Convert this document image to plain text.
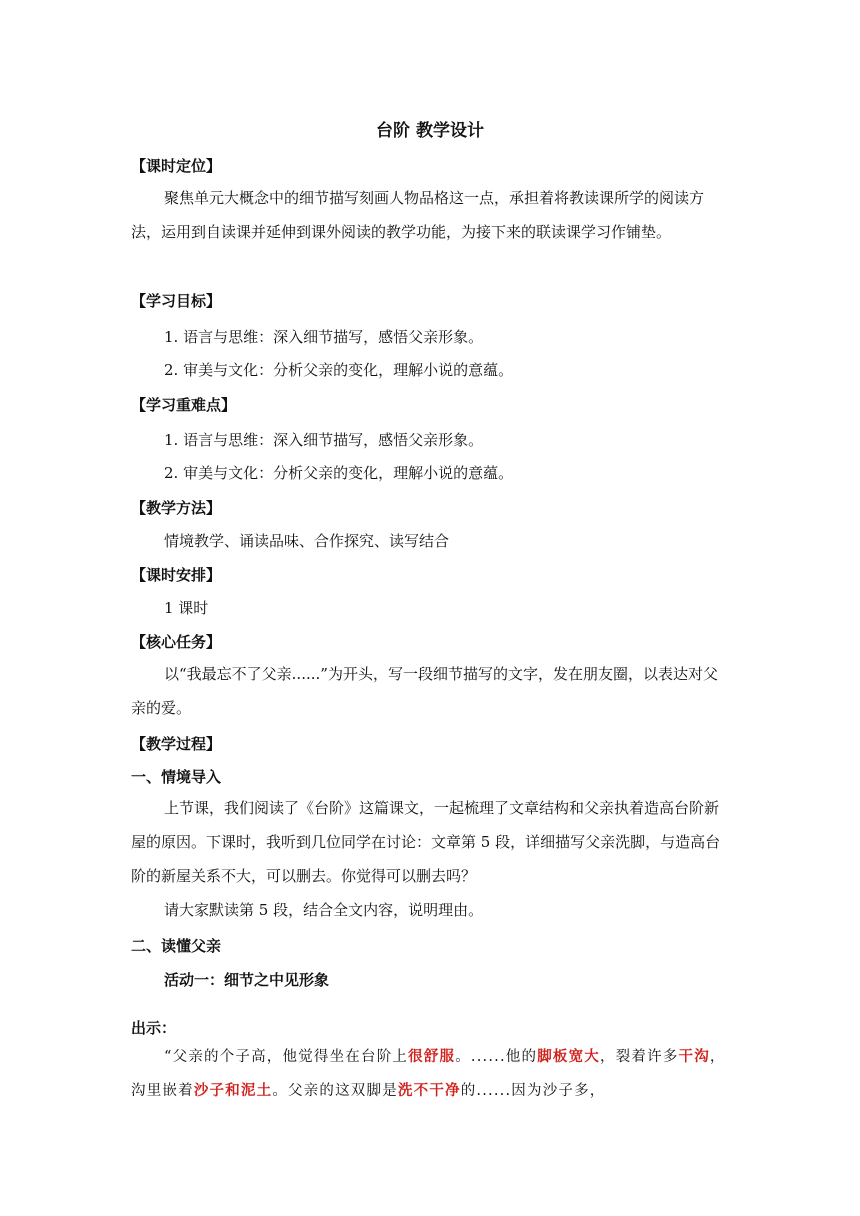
台阶 教学设计
【课时定位】
聚焦单元大概念中的细节描写刻画人物品格这一点，承担着将教读课所学的阅读方法，运用到自读课并延伸到课外阅读的教学功能，为接下来的联读课学习作铺垫。
【学习目标】
1. 语言与思维：深入细节描写，感悟父亲形象。
2. 审美与文化：分析父亲的变化，理解小说的意蕴。
【学习重难点】
1. 语言与思维：深入细节描写，感悟父亲形象。
2. 审美与文化：分析父亲的变化，理解小说的意蕴。
【教学方法】
情境教学、诵读品味、合作探究、读写结合
【课时安排】
1 课时
【核心任务】
以“我最忘不了父亲......”为开头，写一段细节描写的文字，发在朋友圈，以表达对父亲的爱。
【教学过程】
一、情境导入
上节课，我们阅读了《台阶》这篇课文，一起梳理了文章结构和父亲执着造高台阶新屋的原因。下课时，我听到几位同学在讨论：文章第 5 段，详细描写父亲洗脚，与造高台阶的新屋关系不大，可以删去。你觉得可以删去吗？
请大家默读第 5 段，结合全文内容，说明理由。
二、读懂父亲
活动一：细节之中见形象
出示：
“父亲的个子高，他觉得坐在台阶上很舒服。......他的脚板宽大，裂着许多干沟，沟里嵌着沙子和泥土。父亲的这双脚是洗不干净的......因为沙子多，
